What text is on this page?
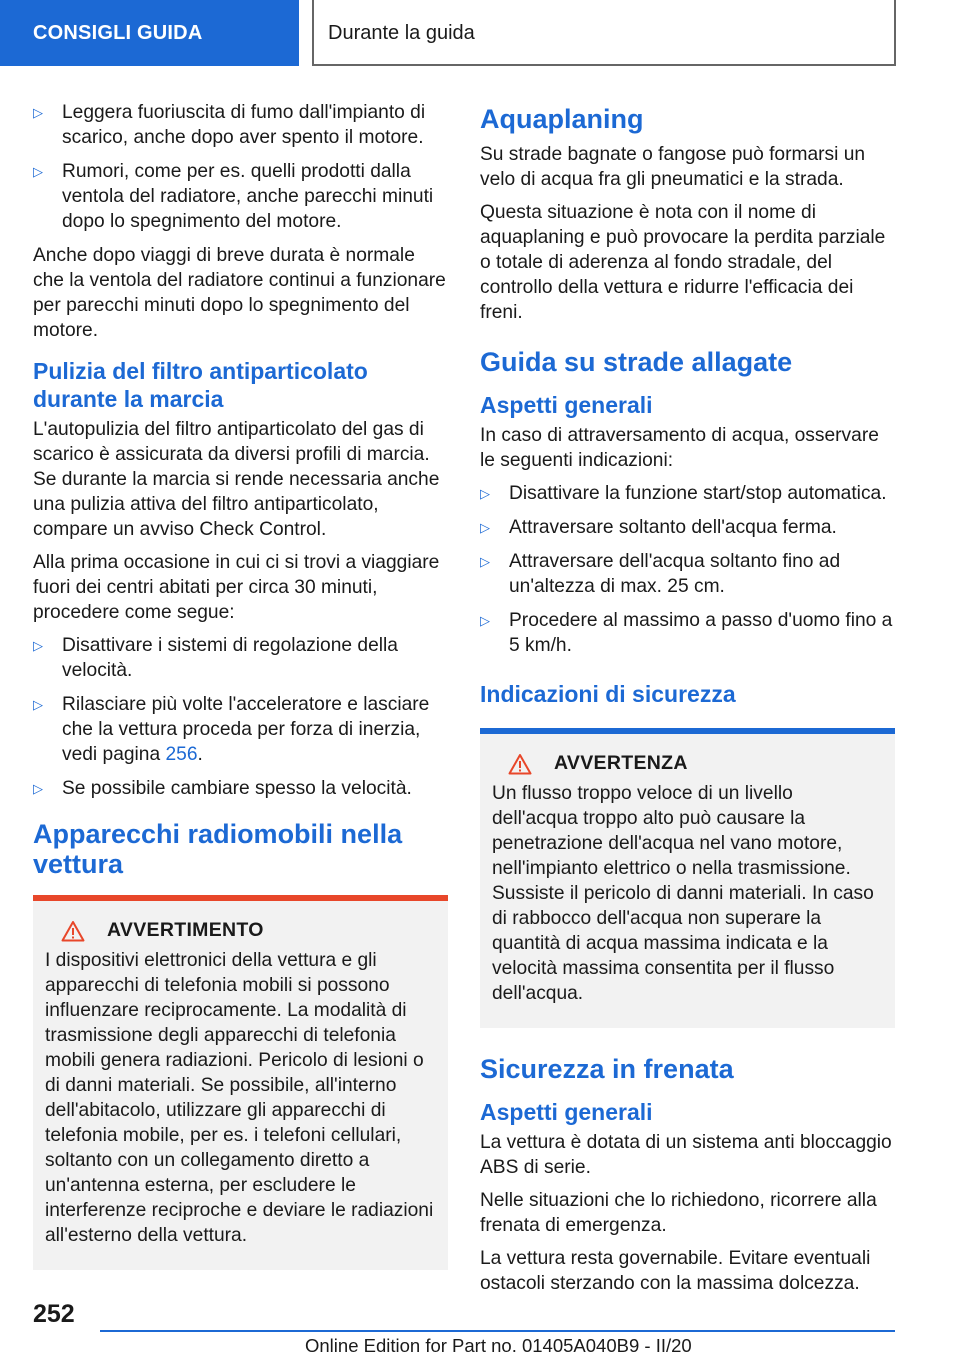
CONSIGLI GUIDA	Durante la guida
▷ Leggera fuoriuscita di fumo dall'impianto di scarico, anche dopo aver spento il motore.
▷ Rumori, come per es. quelli prodotti dalla ventola del radiatore, anche parecchi minuti dopo lo spegnimento del motore.

Anche dopo viaggi di breve durata è normale che la ventola del radiatore continui a funzionare per parecchi minuti dopo lo spegnimento del motore.

Pulizia del filtro antiparticolato durante la marcia

L'autopulizia del filtro antiparticolato del gas di scarico è assicurata da diversi profili di marcia. Se durante la marcia si rende necessaria anche una pulizia attiva del filtro antiparticolato, compare un avviso Check Control.

Alla prima occasione in cui ci si trovi a viaggiare fuori dei centri abitati per circa 30 minuti, procedere come segue:

▷ Disattivare i sistemi di regolazione della velocità.
▷ Rilasciare più volte l'acceleratore e lasciare che la vettura proceda per forza di inerzia, vedi pagina 256.
▷ Se possibile cambiare spesso la velocità.
Apparecchi radiomobili nella vettura
AVVERTIMENTO

I dispositivi elettronici della vettura e gli apparecchi di telefonia mobili si possono influenzare reciprocamente. La modalità di trasmissione degli apparecchi di telefonia mobili genera radiazioni. Pericolo di lesioni o di danni materiali. Se possibile, all'interno dell'abitacolo, utilizzare gli apparecchi di telefonia mobile, per es. i telefoni cellulari, soltanto con un collegamento diretto a un'antenna esterna, per escludere le interferenze reciproche e deviare le radiazioni all'esterno della vettura.

Aquaplaning

Su strade bagnate o fangose può formarsi un velo di acqua fra gli pneumatici e la strada.

Questa situazione è nota con il nome di aquaplaning e può provocare la perdita parziale o totale di aderenza al fondo stradale, del controllo della vettura e ridurre l'efficacia dei freni.

Guida su strade allagate
Aspetti generali

In caso di attraversamento di acqua, osservare le seguenti indicazioni:

▷ Disattivare la funzione start/stop automatica.
▷ Attraversare soltanto dell'acqua ferma.
▷ Attraversare dell'acqua soltanto fino ad un'altezza di max. 25 cm.
▷ Procedere al massimo a passo d'uomo fino a 5 km/h.
Indicazioni di sicurezza
AVVERTENZA

Un flusso troppo veloce di un livello dell'acqua troppo alto può causare la penetrazione dell'acqua nel vano motore, nell'impianto elettrico o nella trasmissione. Sussiste il pericolo di danni materiali. In caso di rabbocco dell'acqua non superare la quantità di acqua massima indicata e la velocità massima consentita per il flusso dell'acqua.

Sicurezza in frenata
Aspetti generali

La vettura è dotata di un sistema anti bloccaggio ABS di serie.

Nelle situazioni che lo richiedono, ricorrere alla frenata di emergenza.

La vettura resta governabile. Evitare eventuali ostacoli sterzando con la massima dolcezza.

252
Online Edition for Part no. 01405A040B9 - II/20
